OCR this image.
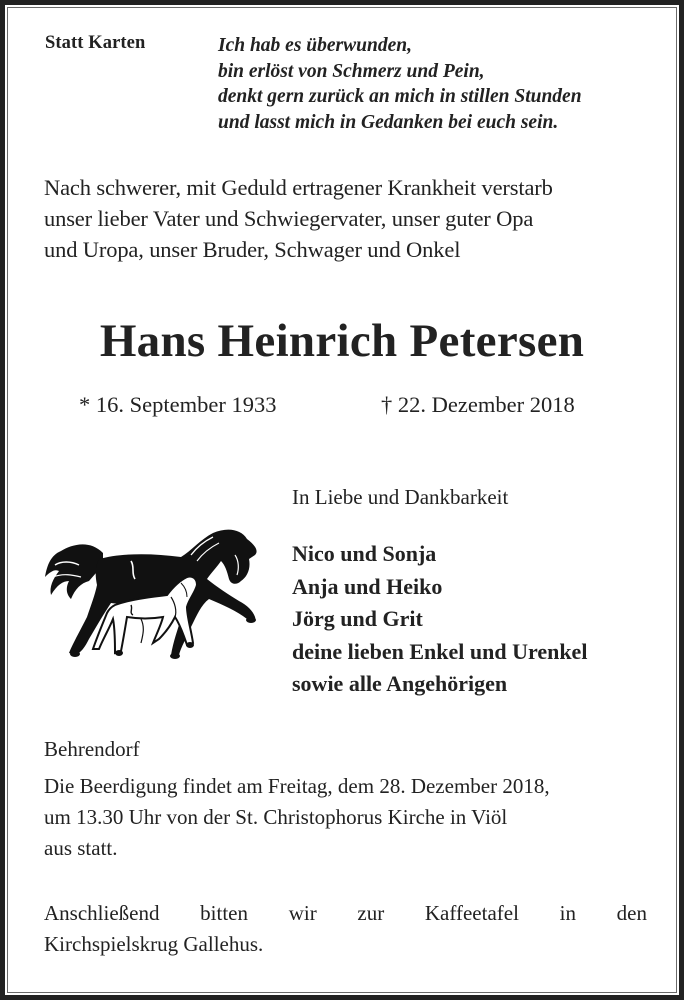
Statt Karten	Ich hab es überwunden,
bin erlöst von Schmerz und Pein,
denkt gern zurück an mich in stillen Stunden
und lasst mich in Gedanken bei euch sein.
Nach schwerer, mit Geduld ertragener Krankheit verstarb
unser lieber Vater und Schwiegervater, unser guter Opa
und Uropa, unser Bruder, Schwager und Onkel
Hans Heinrich Petersen
* 16. September 1933	† 22. Dezember 2018
In Liebe und Dankbarkeit
Nico und Sonja
Anja und Heiko
Jörg und Grit
deine lieben Enkel und Urenkel
sowie alle Angehörigen
Behrendorf
Die Beerdigung findet am Freitag, dem 28. Dezember 2018,
um 13.30 Uhr von der St. Christophorus Kirche in Viöl
aus statt.
Anschließend bitten wir zur Kaffeetafel in den
Kirchspielskrug Gallehus.
